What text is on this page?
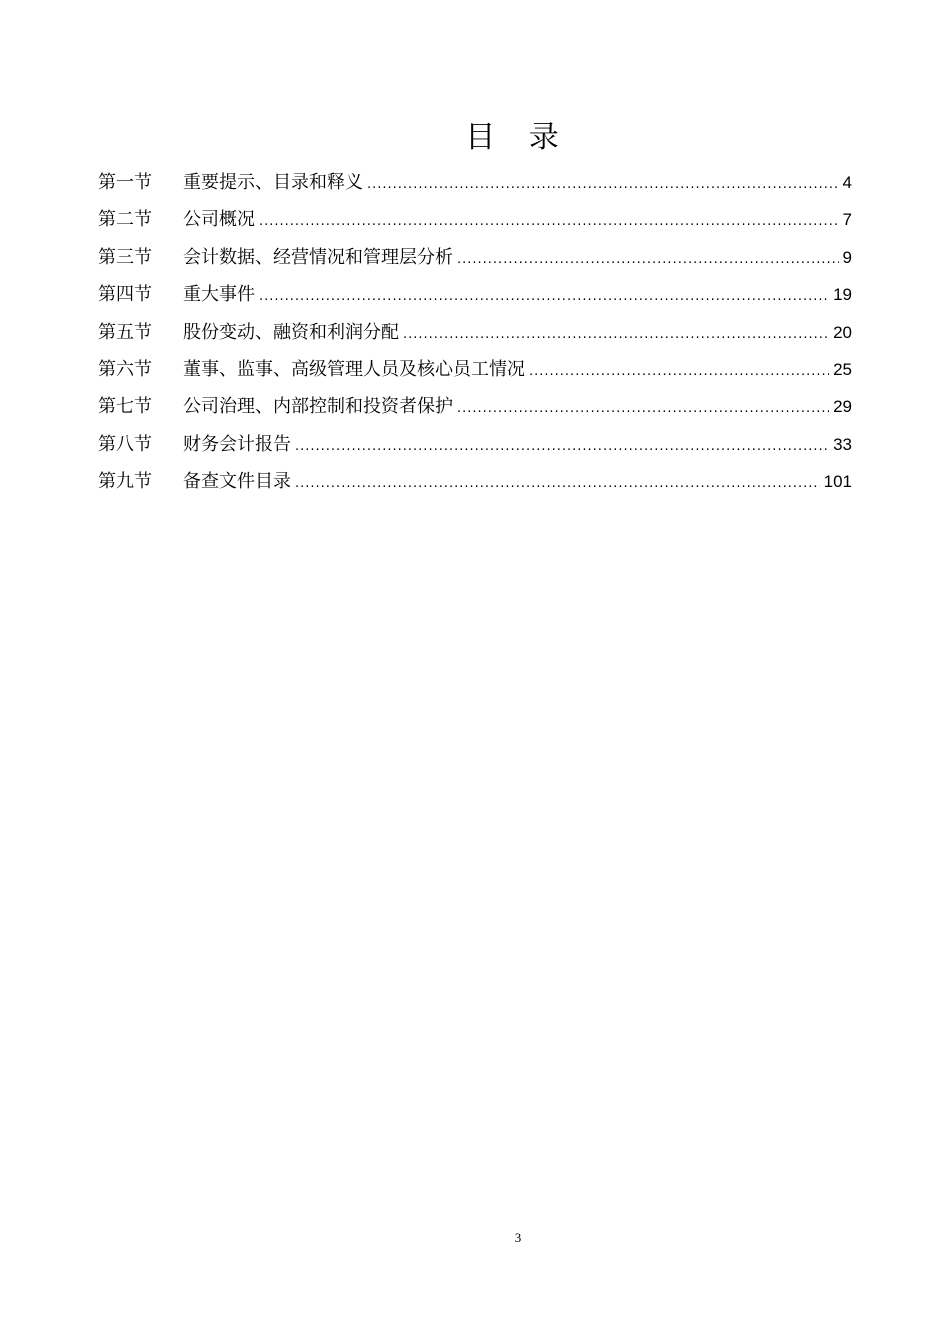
目 录
第一节	重要提示、目录和释义 .....	4
第二节	公司概况 .....	7
第三节	会计数据、经营情况和管理层分析 .....	9
第四节	重大事件 .....	19
第五节	股份变动、融资和利润分配 .....	20
第六节	董事、监事、高级管理人员及核心员工情况 .....	25
第七节	公司治理、内部控制和投资者保护 .....	29
第八节	财务会计报告 .....	33
第九节	备查文件目录 .....	101
3
